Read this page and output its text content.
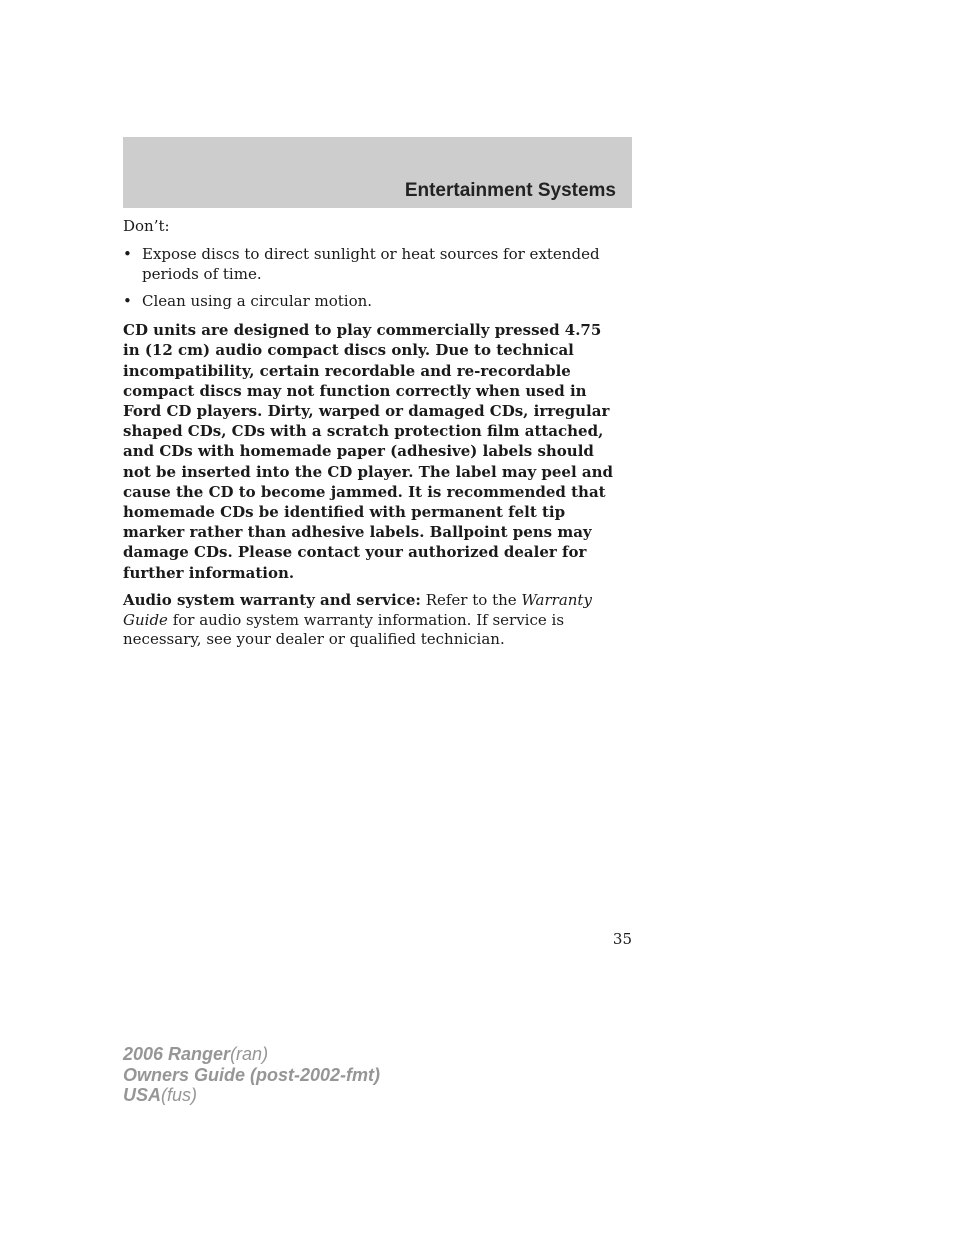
Entertainment Systems

Don’t:

• Expose discs to direct sunlight or heat sources for extended periods of time.
• Clean using a circular motion.

CD units are designed to play commercially pressed 4.75 in (12 cm) audio compact discs only. Due to technical incompatibility, certain recordable and re-recordable compact discs may not function correctly when used in Ford CD players. Dirty, warped or damaged CDs, irregular shaped CDs, CDs with a scratch protection film attached, and CDs with homemade paper (adhesive) labels should not be inserted into the CD player. The label may peel and cause the CD to become jammed. It is recommended that homemade CDs be identified with permanent felt tip marker rather than adhesive labels. Ballpoint pens may damage CDs. Please contact your authorized dealer for further information.

Audio system warranty and service: Refer to the Warranty Guide for audio system warranty information. If service is necessary, see your dealer or qualified technician.

35
2006 Ranger(ran)
Owners Guide (post-2002-fmt)
USA(fus)
